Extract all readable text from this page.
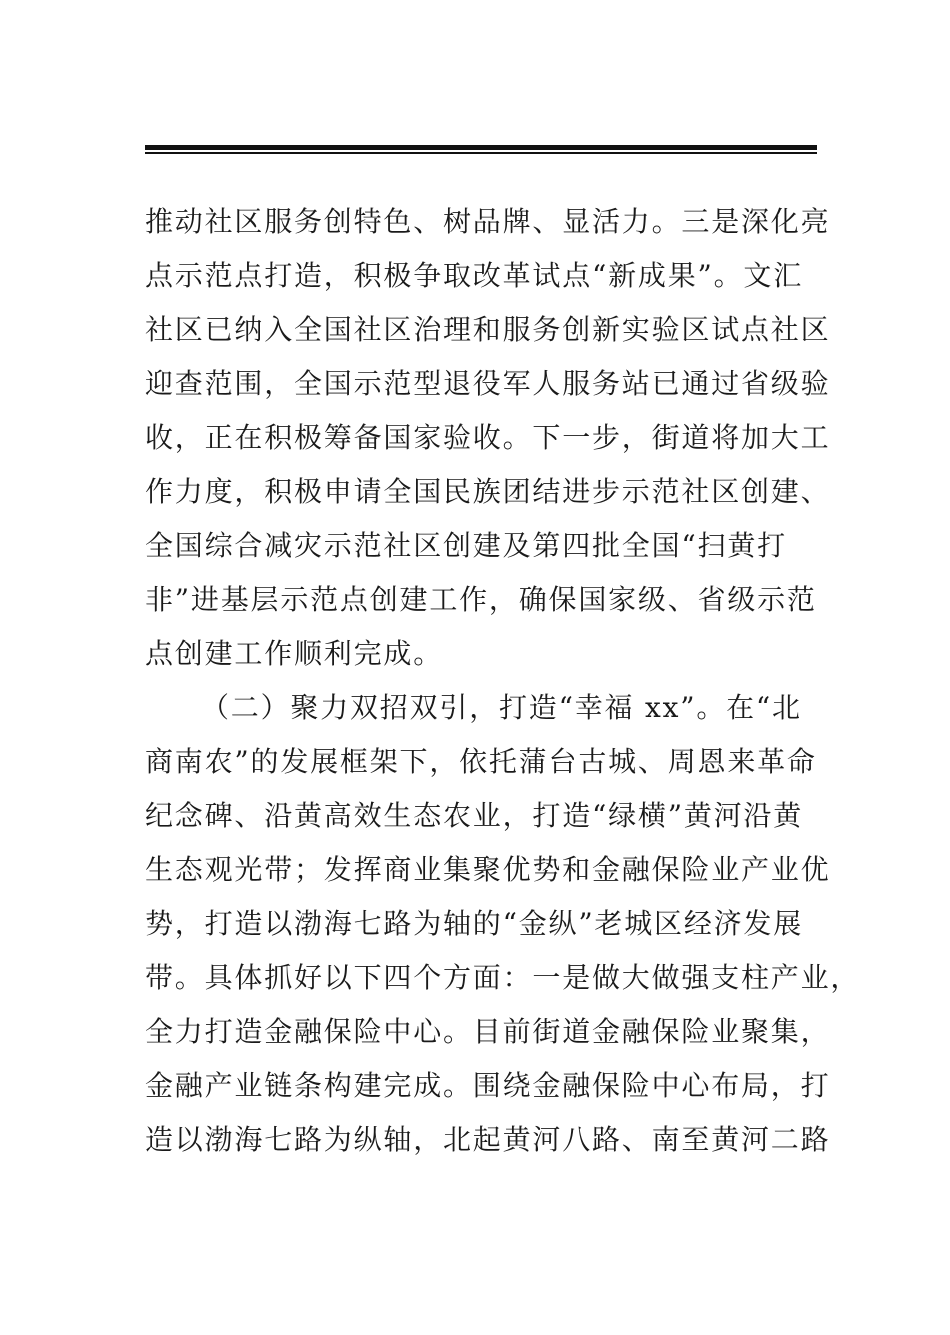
推动社区服务创特色、树品牌、显活力。三是深化亮
点示范点打造，积极争取改革试点“新成果”。文汇
社区已纳入全国社区治理和服务创新实验区试点社区
迎查范围，全国示范型退役军人服务站已通过省级验
收，正在积极筹备国家验收。下一步，街道将加大工
作力度，积极申请全国民族团结进步示范社区创建、
全国综合减灾示范社区创建及第四批全国“扫黄打
非”进基层示范点创建工作，确保国家级、省级示范
点创建工作顺利完成。
（二）聚力双招双引，打造“幸福 xx”。在“北
商南农”的发展框架下，依托蒲台古城、周恩来革命
纪念碑、沿黄高效生态农业，打造“绿横”黄河沿黄
生态观光带；发挥商业集聚优势和金融保险业产业优
势，打造以渤海七路为轴的“金纵”老城区经济发展
带。具体抓好以下四个方面：一是做大做强支柱产业，
全力打造金融保险中心。目前街道金融保险业聚集，
金融产业链条构建完成。围绕金融保险中心布局，打
造以渤海七路为纵轴，北起黄河八路、南至黄河二路
